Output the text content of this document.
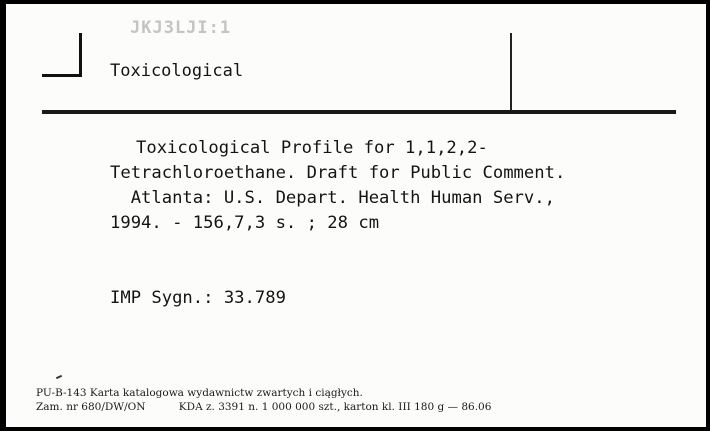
JKJ3LJI:1
Toxicological
Toxicological Profile for 1,1,2,2-
Tetrachloroethane. Draft for Public Comment.
Atlanta: U.S. Depart. Health Human Serv.,
1994. - 156,7,3 s. ; 28 cm
IMP Sygn.: 33.789
PU-B-143 Karta katalogowa wydawnictw zwartych i ciągłych.
Zam. nr 680/DW/ON          KDA z. 3391 n. 1 000 000 szt., karton kl. III 180 g — 86.06
